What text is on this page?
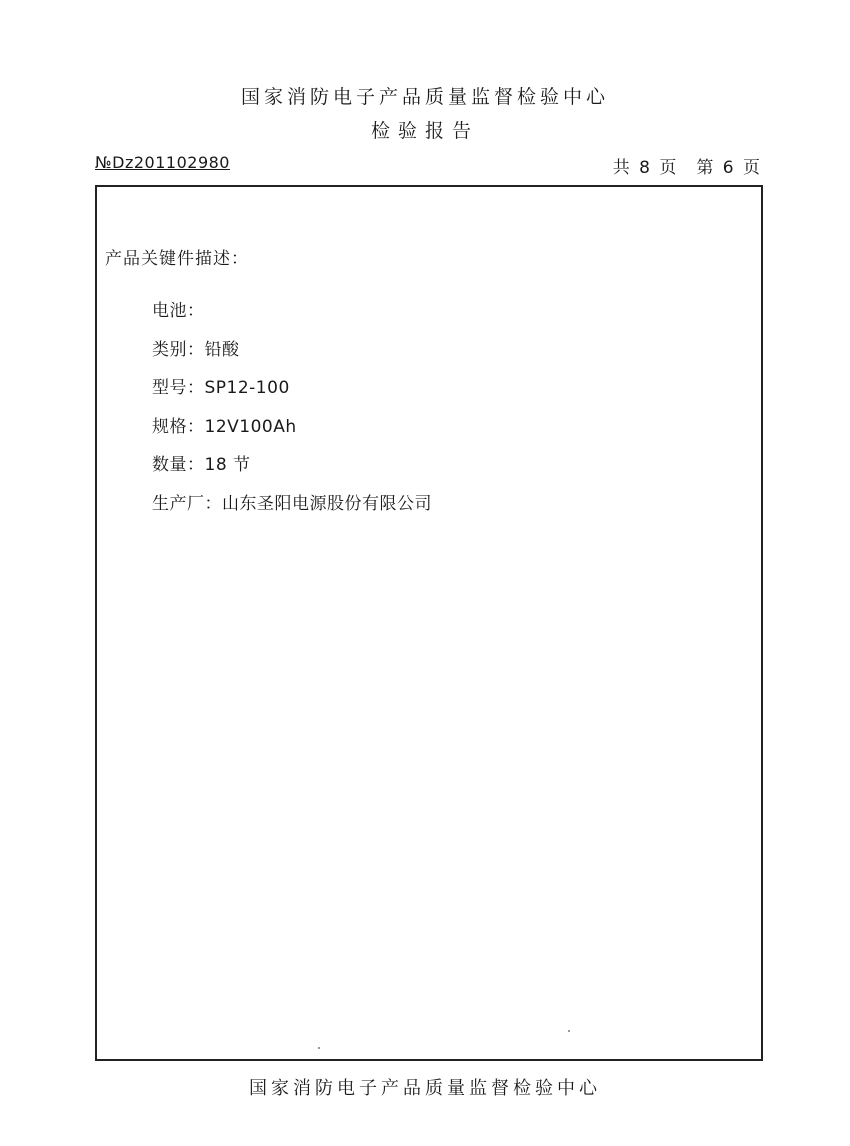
国家消防电子产品质量监督检验中心
检验报告
№Dz201102980	共 8 页 第 6 页
产品关键件描述：
电池：
类别：铅酸
型号：SP12-100
规格：12V100Ah
数量：18 节
生产厂：山东圣阳电源股份有限公司
国家消防电子产品质量监督检验中心
